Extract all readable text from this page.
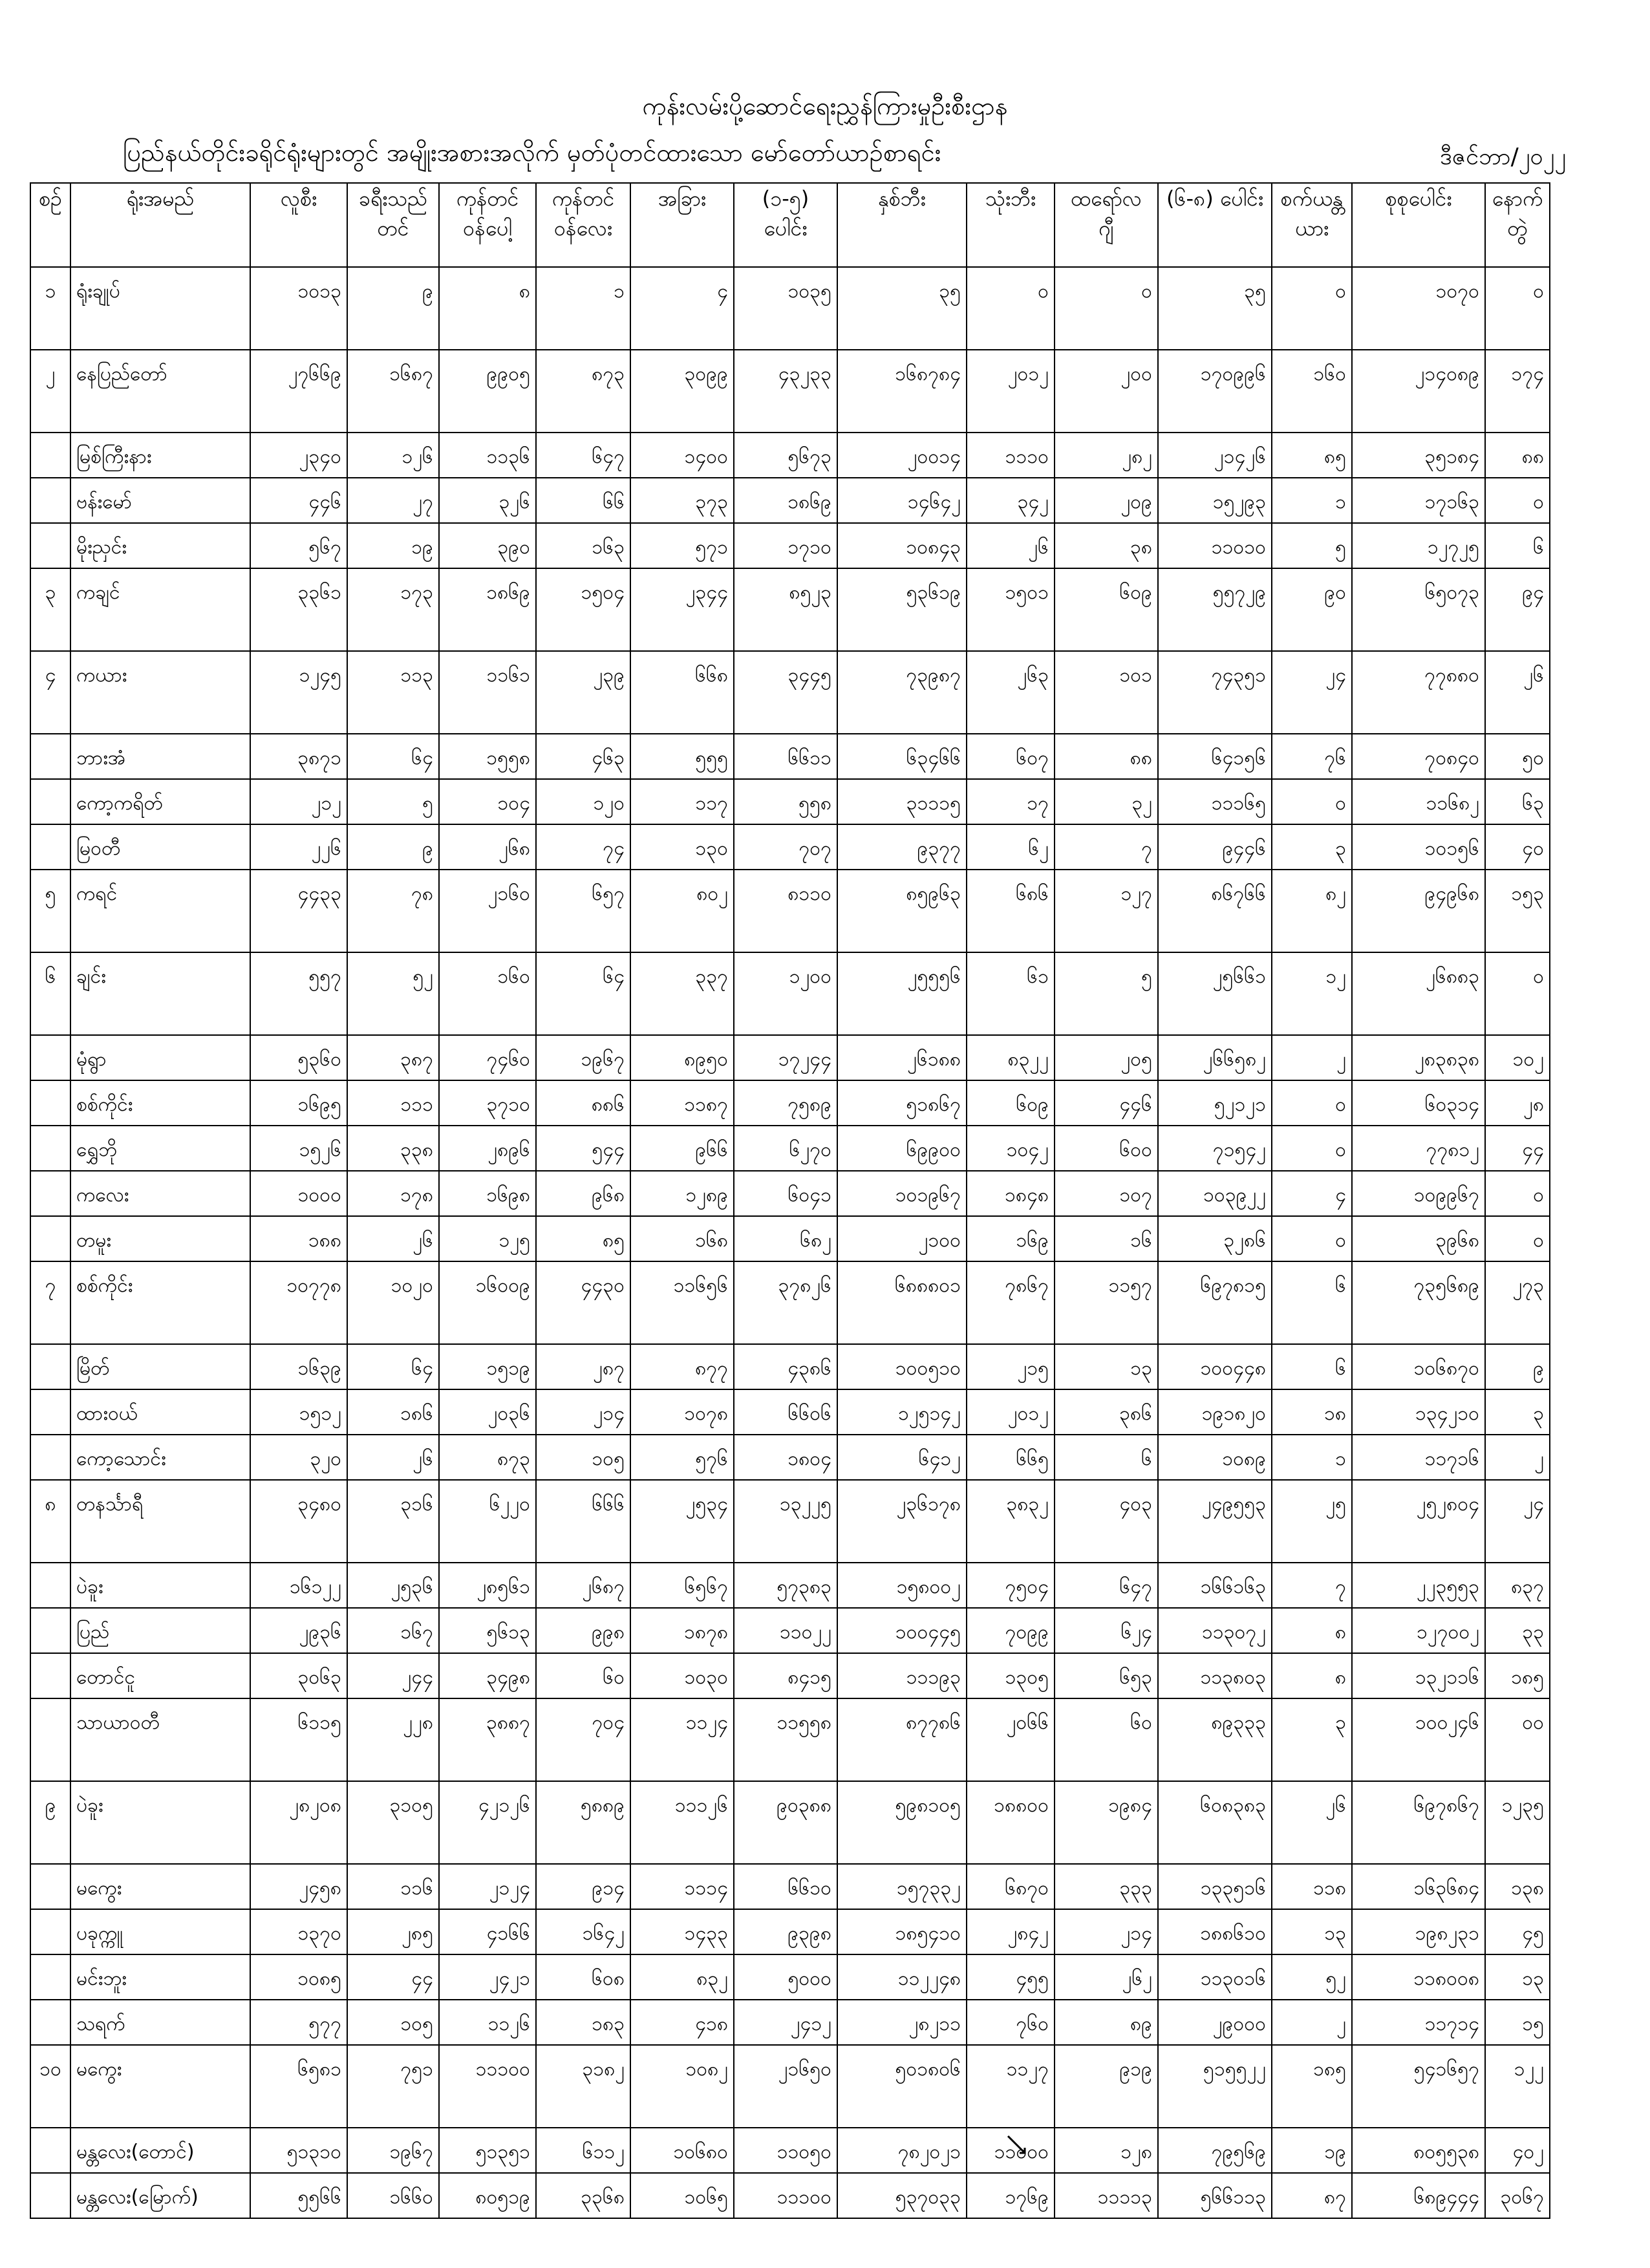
ကုန်းလမ်းပို့ဆောင်ရေးညွှန်ကြားမှုဦးစီးဌာန
ပြည်နယ်တိုင်းခရိုင်ရုံးများတွင် အမျိုးအစားအလိုက် မှတ်ပုံတင်ထားသော မော်တော်ယာဉ်စာရင်း	ဒီဇင်ဘာ/၂၀၂၂
စဉ်	ရုံးအမည်	လူစီး	ခရီးသည် တင်	ကုန်တင် ဝန်ပေါ့	ကုန်တင် ဝန်လေး	အခြား	(၁-၅) ပေါင်း	နှစ်ဘီး	သုံးဘီး	ထရော်လ ဂျီ	(၆-၈) ပေါင်း	စက်ယန္တယား	စုစုပေါင်း	နောက်တွဲ
၁	ရုံးချုပ်	၁၀၁၃	၉	၈	၁	၄	၁၀၃၅	၃၅	၀	၀	၃၅	၀	၁၀၇၀	၀
၂	နေပြည်တော်	၂၇၆၆၉	၁၆၈၇	၉၉၀၅	၈၇၃	၃၀၉၉	၄၃၂၃၃	၁၆၈၇၈၄	၂၀၁၂	၂၀၀	၁၇၀၉၉၆	၁၆၀	၂၁၄၀၈၉	၁၇၄
	မြစ်ကြီးနား	၂၃၄၀	၁၂၆	၁၁၃၆	၆၄၇	၁၄၀၀	၅၆၇၃	၂၀၀၁၄	၁၁၁၀	၂၈၂	၂၁၄၂၆	၈၅	၃၅၁၈၄	၈၈
	ဗန်းမော်	၄၄၆	၂၇	၃၂၆	၆၆	၃၇၃	၁၈၆၉	၁၄၆၄၂	၃၄၂	၂၀၉	၁၅၂၉၃	၁	၁၇၁၆၃	၀
	မိုးညှင်း	၅၆၇	၁၉	၃၉၀	၁၆၃	၅၇၁	၁၇၁၀	၁၀၈၄၃	၂၆	၃၈	၁၁၀၁၀	၅	၁၂၇၂၅	၆
၃	ကချင်	၃၃၆၁	၁၇၃	၁၈၆၉	၁၅၀၄	၂၃၄၄	၈၅၂၃	၅၃၆၁၉	၁၅၀၁	၆၀၉	၅၅၇၂၉	၉၀	၆၅၀၇၃	၉၄
၄	ကယား	၁၂၄၅	၁၁၃	၁၁၆၁	၂၃၉	၆၆၈	၃၄၄၅	၇၃၉၈၇	၂၆၃	၁၀၁	၇၄၃၅၁	၂၄	၇၇၈၈၀	၂၆
	ဘားအံ	၃၈၇၁	၆၄	၁၅၅၈	၄၆၃	၅၅၅	၆၆၁၁	၆၃၄၆၆	၆၀၇	၈၈	၆၄၁၅၆	၇၆	၇၀၈၄၀	၅၀
	ကော့ကရိတ်	၂၁၂	၅	၁၀၄	၁၂၀	၁၁၇	၅၅၈	၃၁၁၁၅	၁၇	၃၂	၁၁၁၆၅	၀	၁၁၆၈၂	၆၃
	မြဝတီ	၂၂၆	၉	၂၆၈	၇၄	၁၃၀	၇၀၇	၉၃၇၇	၆၂	၇	၉၄၄၆	၃	၁၀၁၅၆	၄၀
၅	ကရင်	၄၄၃၃	၇၈	၂၁၆၀	၆၅၇	၈၀၂	၈၁၁၀	၈၅၉၆၃	၆၈၆	၁၂၇	၈၆၇၆၆	၈၂	၉၄၉၆၈	၁၅၃
၆	ချင်း	၅၅၇	၅၂	၁၆၀	၆၄	၃၃၇	၁၂၀၀	၂၅၅၅၆	၆၁	၅	၂၅၆၆၁	၁၂	၂၆၈၈၃	၀
	မုံရွာ	၅၃၆၀	၃၈၇	၇၄၆၀	၁၉၆၇	၈၉၅၀	၁၇၂၄၄	၂၆၁၈၈	၈၃၂၂	၂၀၅	၂၆၆၅၈၂	၂	၂၈၃၈၃၈	၁၀၂
	စစ်ကိုင်း	၁၆၉၅	၁၁၁	၃၇၁၀	၈၈၆	၁၁၈၇	၇၅၈၉	၅၁၈၆၇	၆၀၉	၄၄၆	၅၂၁၂၁	၀	၆၀၃၁၄	၂၈
	ရွှေဘို	၁၅၂၆	၃၃၈	၂၈၉၆	၅၄၄	၉၆၆	၆၂၇၀	၆၉၉၀၀	၁၀၄၂	၆၀၀	၇၁၅၄၂	၀	၇၇၈၁၂	၄၄
	ကလေး	၁၀၀၀	၁၇၈	၁၆၉၈	၉၆၈	၁၂၈၉	၆၀၄၁	၁၀၁၉၆၇	၁၈၄၈	၁၀၇	၁၀၃၉၂၂	၄	၁၀၉၉၆၇	၀
	တမူး	၁၈၈	၂၆	၁၂၅	၈၅	၁၆၈	၆၈၂	၂၁၀၀	၁၆၉	၁၆	၃၂၈၆	၀	၃၉၆၈	၀
၇	စစ်ကိုင်း	၁၀၇၇၈	၁၀၂၀	၁၆၀၀၉	၄၄၃၀	၁၁၆၅၆	၃၇၈၂၆	၆၈၈၈၀၁	၇၈၆၇	၁၁၅၇	၆၉၇၈၁၅	၆	၇၃၅၆၈၉	၂၇၃
	မြိတ်	၁၆၃၉	၆၄	၁၅၁၉	၂၈၇	၈၇၇	၄၃၈၆	၁၀၀၅၁၀	၂၁၅	၁၃	၁၀၀၄၄၈	၆	၁၀၆၈၇၀	၉
	ထားဝယ်	၁၅၁၂	၁၈၆	၂၀၃၆	၂၁၄	၁၀၇၈	၆၆၀၆	၁၂၅၁၄၂	၂၀၁၂	၃၈၆	၁၉၁၈၂၀	၁၈	၁၃၄၂၁၀	၃
	ကော့သောင်း	၃၂၀	၂၆	၈၇၃	၁၀၅	၅၇၆	၁၈၀၄	၆၄၁၂	၆၆၅	၆	၁၀၈၉	၁	၁၁၇၁၆	၂
၈	တနင်္သာရီ	၃၄၈၀	၃၁၆	၆၂၂၀	၆၆၆	၂၅၃၄	၁၃၂၂၅	၂၃၆၁၇၈	၃၈၃၂	၄၀၃	၂၄၉၅၅၃	၂၅	၂၅၂၈၀၄	၂၄
	ပဲခူး	၁၆၁၂၂	၂၅၃၆	၂၈၅၆၁	၂၆၈၇	၆၅၆၇	၅၇၃၈၃	၁၅၈၀၀၂	၇၅၀၄	၆၄၇	၁၆၆၁၆၃	၇	၂၂၃၅၅၃	၈၃၇
	ပြည်	၂၉၃၆	၁၆၇	၅၆၁၃	၉၉၈	၁၈၇၈	၁၁၀၂၂	၁၀၀၄၄၅	၇၀၉၉	၆၂၄	၁၁၃၀၇၂	၈	၁၂၇၀၀၂	၃၃
	တောင်ငူ	၃၀၆၃	၂၄၄	၃၄၉၈	၆၀	၁၀၃၀	၈၄၁၅	၁၁၁၉၃	၁၃၀၅	၆၅၃	၁၁၃၈၀၃	၈	၁၃၂၁၁၆	၁၈၅
	သာယာဝတီ	၆၁၁၅	၂၂၈	၃၈၈၇	၇၀၄	၁၁၂၄	၁၁၅၅၈	၈၇၇၈၆	၂၀၆၆	၆၀	၈၉၃၃၃	၃	၁၀၀၂၄၆	၀၀
၉	ပဲခူး	၂၈၂၀၈	၃၁၀၅	၄၂၁၂၆	၅၈၈၉	၁၁၁၂၆	၉၀၃၈၈	၅၉၈၁၀၅	၁၈၈၀၀	၁၉၈၄	၆၀၈၃၈၃	၂၆	၆၉၇၈၆၇	၁၂၃၅
	မကွေး	၂၄၅၈	၁၁၆	၂၁၂၄	၉၁၄	၁၁၁၄	၆၆၁၀	၁၅၇၃၃၂	၆၈၇၀	၃၃၃	၁၃၃၅၁၆	၁၁၈	၁၆၃၆၈၄	၁၃၈
	ပခုက္ကူ	၁၃၇၀	၂၈၅	၄၁၆၆	၁၆၄၂	၁၄၃၃	၉၃၉၈	၁၈၅၄၁၀	၂၈၄၂	၂၁၄	၁၈၈၆၁၀	၁၃	၁၉၈၂၃၁	၄၅
	မင်းဘူး	၁၀၈၅	၄၄	၂၄၂၁	၆၀၈	၈၃၂	၅၀၀၀	၁၁၂၂၄၈	၄၅၅	၂၆၂	၁၁၃၀၁၆	၅၂	၁၁၈၀၀၈	၁၃
	သရက်	၅၇၇	၁၀၅	၁၁၂၆	၁၈၃	၄၁၈	၂၄၁၂	၂၈၂၁၁	၇၆၀	၈၉	၂၉၀၀၀	၂	၁၁၇၁၄	၁၅
၁၀	မကွေး	၆၅၈၁	၇၅၁	၁၁၁၀၀	၃၁၈၂	၁၀၈၂	၂၁၆၅၀	၅၀၁၈၀၆	၁၁၂၇	၉၁၉	၅၁၅၅၂၂	၁၈၅	၅၄၁၆၅၇	၁၂၂
	မန္တလေး(တောင်)	၅၁၃၁၀	၁၉၆၇	၅၁၃၅၁	၆၁၁၂	၁၀၆၈၀	၁၁၀၅၀	၇၈၂၀၂၁	၁၁၀၀၀	၁၂၈	၇၉၅၆၉	၁၉	၈၀၅၅၃၈	၄၀၂
	မန္တလေး(မြောက်)	၅၅၆၆	၁၆၆၀	၈၀၅၁၉	၃၃၆၈	၁၀၆၅	၁၁၁၀၀	၅၃၇၀၃၃	၁၇၆၉	၁၁၁၁၃	၅၆၆၁၁၃	၈၇	၆၈၉၄၄၄	၃၀၆၇
